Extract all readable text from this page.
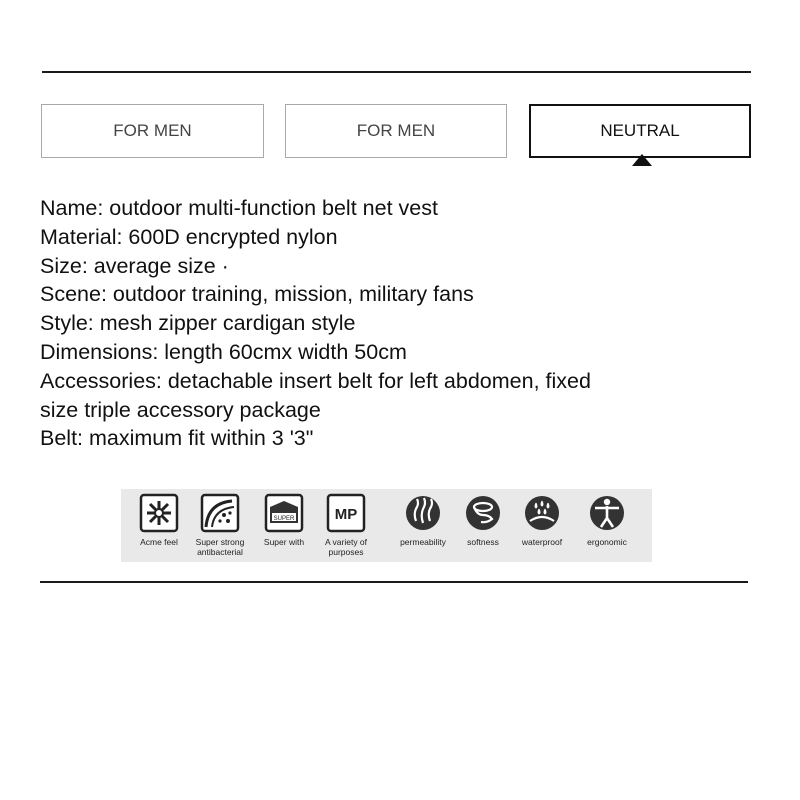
FOR MEN	FOR MEN	NEUTRAL
Name: outdoor multi-function belt net vest
Material: 600D encrypted nylon
Size: average size ·
Scene: outdoor training, mission, military fans
Style: mesh zipper cardigan style
Dimensions: length 60cmx width 50cm
Accessories: detachable insert belt for left abdomen, fixed
size triple accessory package
Belt: maximum fit within 3 '3"
Acme feel	Super strong
antibacterial
SUPER
Super with
MP
A variety of
purposes
permeability	softness	waterproof	ergonomic
